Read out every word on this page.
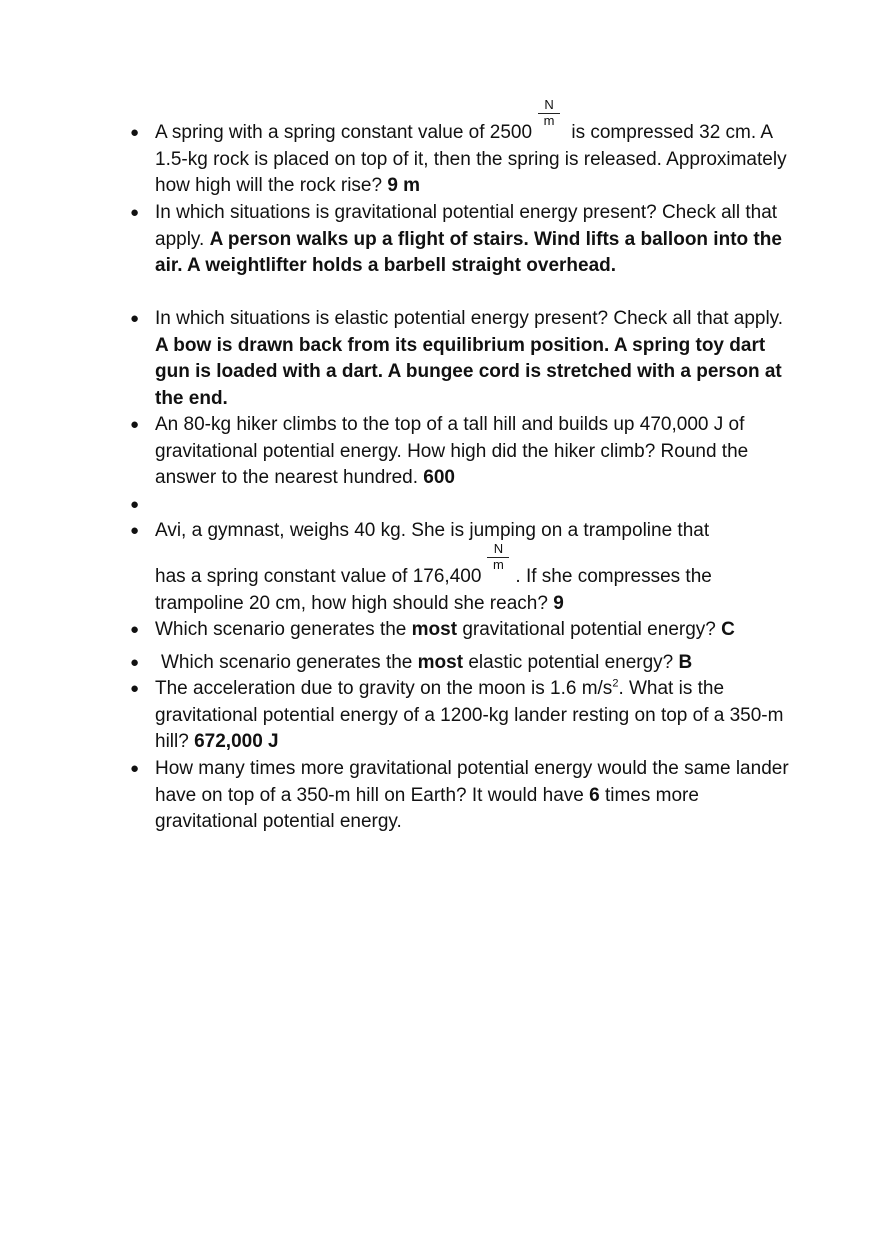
● A spring with a spring constant value of $2500 \frac{N}{m}$ is compressed 32 cm. A 1.5-kg rock is placed on top of it, then the spring is released. Approximately how high will the rock rise? 9 m

● In which situations is gravitational potential energy present? Check all that apply. A person walks up a flight of stairs. Wind lifts a balloon into the air. A weightlifter holds a barbell straight overhead.

● In which situations is elastic potential energy present? Check all that apply. A bow is drawn back from its equilibrium position. A spring toy dart gun is loaded with a dart. A bungee cord is stretched with a person at the end.

● An 80-kg hiker climbs to the top of a tall hill and builds up 470,000 J of gravitational potential energy. How high did the hiker climb? Round the answer to the nearest hundred. 600

●

● Avi, a gymnast, weighs 40 kg. She is jumping on a trampoline that

has a spring constant value of $176,400 \frac{N}{m}$ . If she compresses the trampoline 20 cm, how high should she reach? 9

● Which scenario generates the most gravitational potential energy? C

● Which scenario generates the most elastic potential energy? B

● The acceleration due to gravity on the moon is 1.6 $m/s^2$. What is the gravitational potential energy of a 1200-kg lander resting on top of a 350-m hill? 672,000 J

● How many times more gravitational potential energy would the same lander have on top of a 350-m hill on Earth? It would have 6 times more gravitational potential energy.
